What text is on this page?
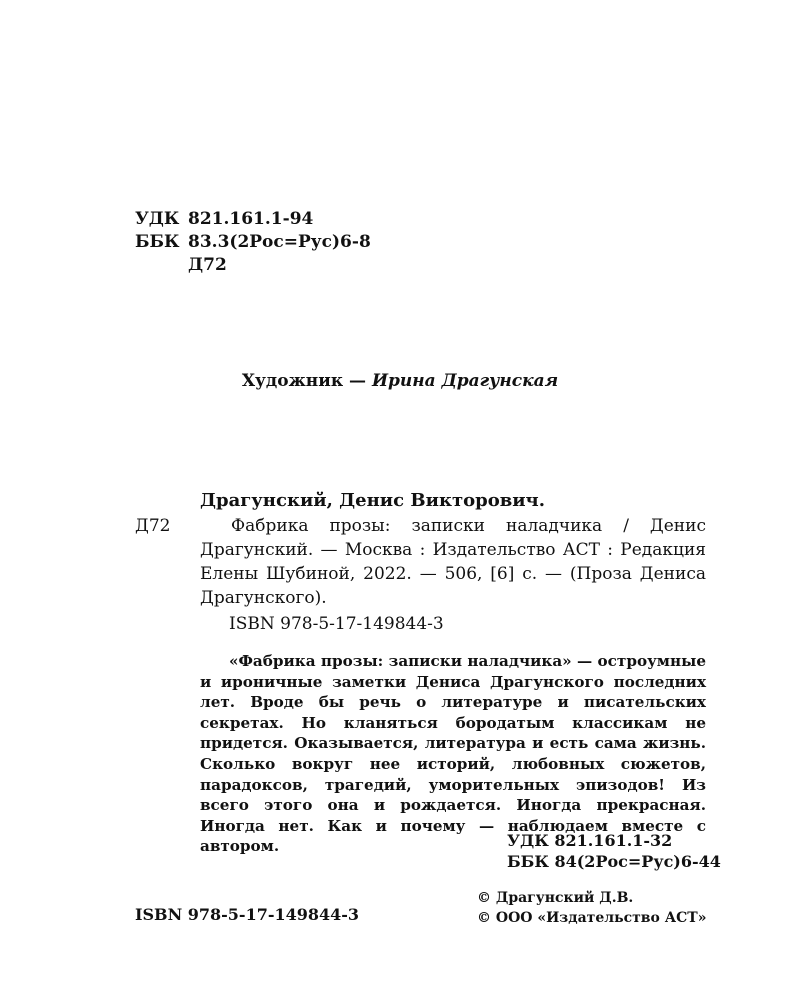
УДК 821.161.1-94
ББК 83.3(2Рос=Рус)6-8
Д72
Художник — Ирина Драгунская
Драгунский, Денис Викторович.
Д72	Фабрика прозы: записки наладчика / Денис Драгунский. — Москва : Издательство АСТ : Редакция Елены Шубиной, 2022. — 506, [6] с. — (Проза Дениса Драгунского).
ISBN 978-5-17-149844-3
«Фабрика прозы: записки наладчика» — остроумные и ироничные заметки Дениса Драгунского последних лет. Вроде бы речь о литературе и писательских секретах. Но кланяться бородатым классикам не придется. Оказывается, литература и есть сама жизнь. Сколько вокруг нее историй, любовных сюжетов, парадоксов, трагедий, уморительных эпизодов! Из всего этого она и рождается. Иногда прекрасная. Иногда нет. Как и почему — наблюдаем вместе с автором.	УДК 821.161.1-32
ББК 84(2Рос=Рус)6-44
© Драгунский Д.В.
© ООО «Издательство АСТ»
ISBN 978-5-17-149844-3
